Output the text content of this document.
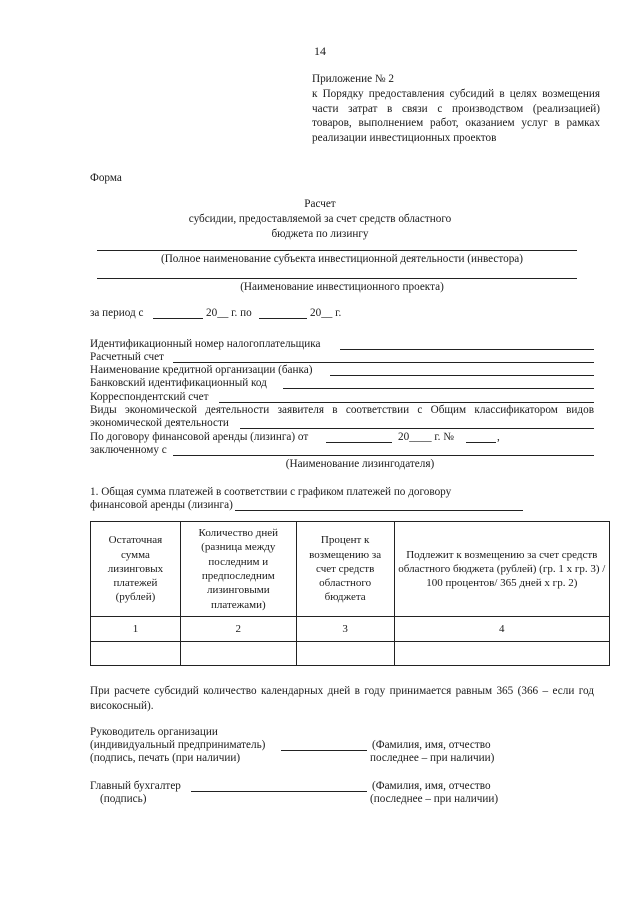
14
Приложение № 2
к Порядку предоставления субсидий в целях возмещения части затрат в связи с производством (реализацией) товаров, выполнением работ, оказанием услуг в рамках реализации инвестиционных проектов
Форма
Расчет
субсидии, предоставляемой за счет средств областного
бюджета по лизингу
(Полное наименование субъекта инвестиционной деятельности (инвестора)
(Наименование инвестиционного проекта)
за период с	20__ г. по	20__ г.
Идентификационный номер налогоплательщика
Расчетный счет
Наименование кредитной организации (банка)
Банковский идентификационный код
Корреспондентский счет
Виды экономической деятельности заявителя в соответствии с Общим классификатором видов
экономической деятельности
По договору финансовой аренды (лизинга) от	20____ г. №	,
заключенному с
(Наименование лизингодателя)
1. Общая сумма платежей в соответствии с графиком платежей по договору
финансовой аренды (лизинга)
Остаточная сумма лизинговых платежей (рублей)	Количество дней (разница между последним и предпоследним лизинговыми платежами)	Процент к возмещению за счет средств областного бюджета	Подлежит к возмещению за счет средств областного бюджета (рублей) (гр. 1 x гр. 3) / 100 процентов/ 365 дней x гр. 2)
1	2	3	4

При расчете субсидий количество календарных дней в году принимается равным 365 (366 – если год високосный).
Руководитель организации
(индивидуальный предприниматель)	(Фамилия, имя, отчество
(подпись, печать (при наличии)	последнее – при наличии)
Главный бухгалтер	(Фамилия, имя, отчество
(подпись)	(последнее – при наличии)
